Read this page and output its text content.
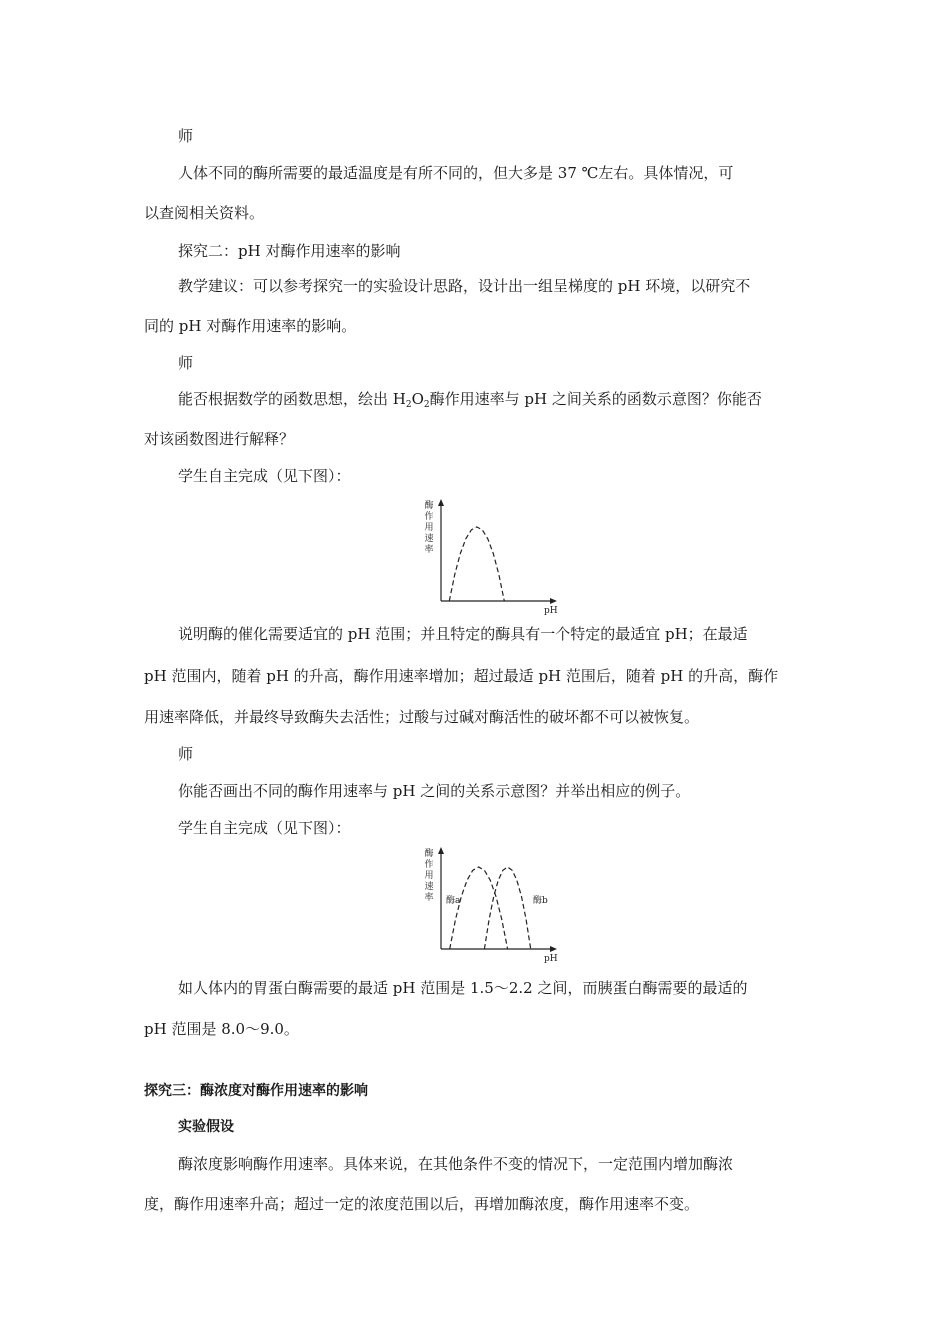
师
人体不同的酶所需要的最适温度是有所不同的，但大多是 37 ℃左右。具体情况，可
以查阅相关资料。
探究二：pH 对酶作用速率的影响
教学建议：可以参考探究一的实验设计思路，设计出一组呈梯度的 pH 环境，以研究不
同的 pH 对酶作用速率的影响。
师
能否根据数学的函数思想，绘出 $H_2O_2$酶作用速率与 pH 之间关系的函数示意图？你能否
对该函数图进行解释？
学生自主完成（见下图）：
酶
作
用
速
率
pH
说明酶的催化需要适宜的 pH 范围；并且特定的酶具有一个特定的最适宜 pH；在最适
pH 范围内，随着 pH 的升高，酶作用速率增加；超过最适 pH 范围后，随着 pH 的升高，酶作
用速率降低，并最终导致酶失去活性；过酸与过碱对酶活性的破坏都不可以被恢复。
师
你能否画出不同的酶作用速率与 pH 之间的关系示意图？并举出相应的例子。
学生自主完成（见下图）：
酶
作
用
速
率
pH
酶a	酶b
如人体内的胃蛋白酶需要的最适 pH 范围是 1.5～2.2 之间，而胰蛋白酶需要的最适的
pH 范围是 8.0～9.0。
探究三：酶浓度对酶作用速率的影响
实验假设
酶浓度影响酶作用速率。具体来说，在其他条件不变的情况下，一定范围内增加酶浓
度，酶作用速率升高；超过一定的浓度范围以后，再增加酶浓度，酶作用速率不变。
